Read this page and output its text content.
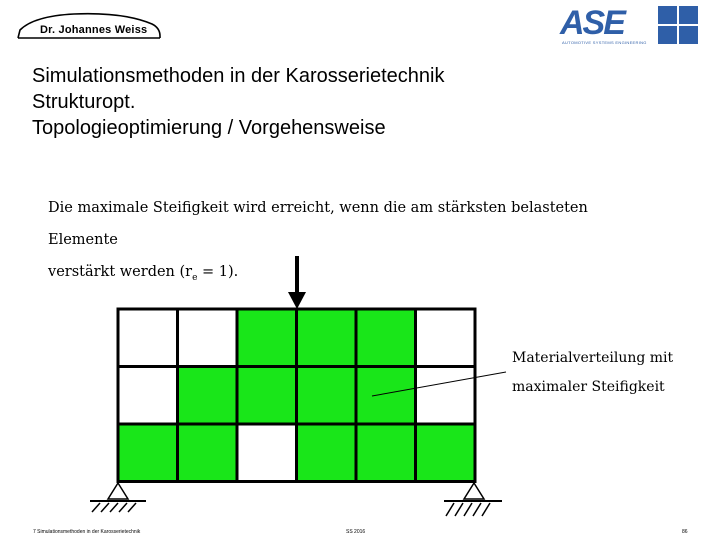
Dr. Johannes Weiss	ASE
AUTOMOTIVE SYSTEMS ENGINEERING
Simulationsmethoden in der Karosserietechnik
Strukturopt.
Topologieoptimierung / Vorgehensweise
Die maximale Steifigkeit wird erreicht, wenn die am stärksten belasteten Elemente
verstärkt werden $(r_e = 1)$.
Materialverteilung mit
maximaler Steifigkeit
7 Simulationsmethoden in der Karosserietechnik	SS 2016	86
